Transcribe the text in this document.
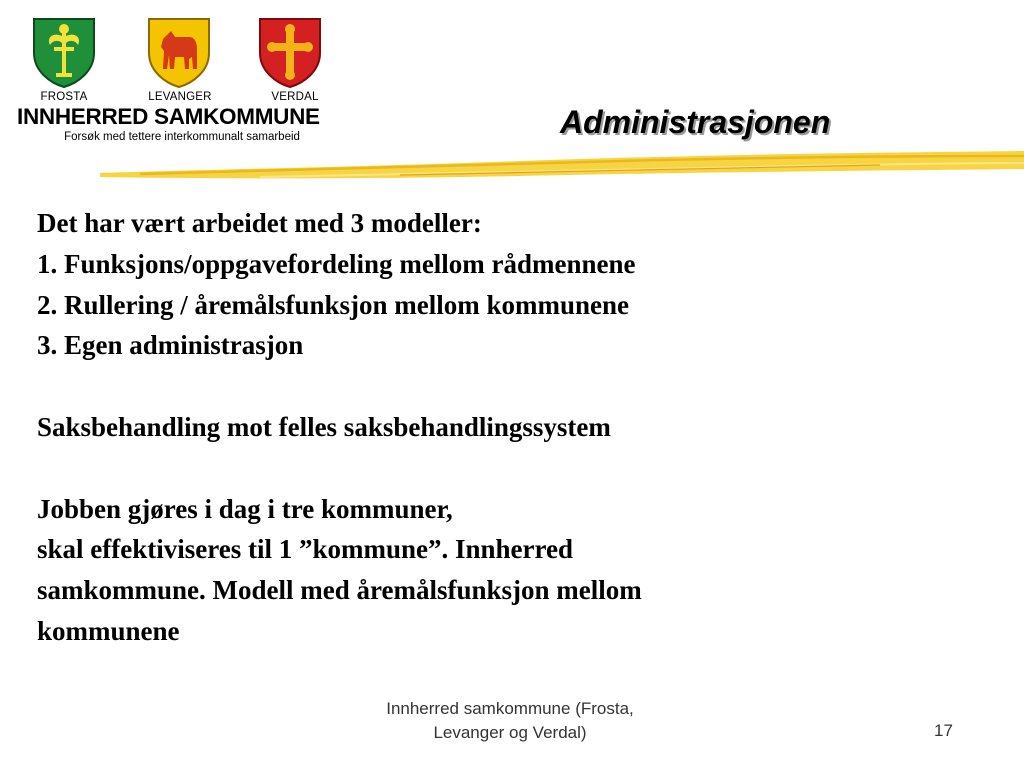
FROSTA	LEVANGER	VERDAL
INNHERRED SAMKOMMUNE
Forsøk med tettere interkommunalt samarbeid	Administrasjonen
Det har vært arbeidet med 3 modeller:
1. Funksjons/oppgavefordeling mellom rådmennene
2. Rullering / åremålsfunksjon mellom kommunene
3. Egen administrasjon
Saksbehandling mot felles saksbehandlingssystem
Jobben gjøres i dag i tre kommuner,
skal effektiviseres til 1 ”kommune”. Innherred
samkommune. Modell med åremålsfunksjon mellom
kommunene
Innherred samkommune (Frosta,
Levanger og Verdal)	17
